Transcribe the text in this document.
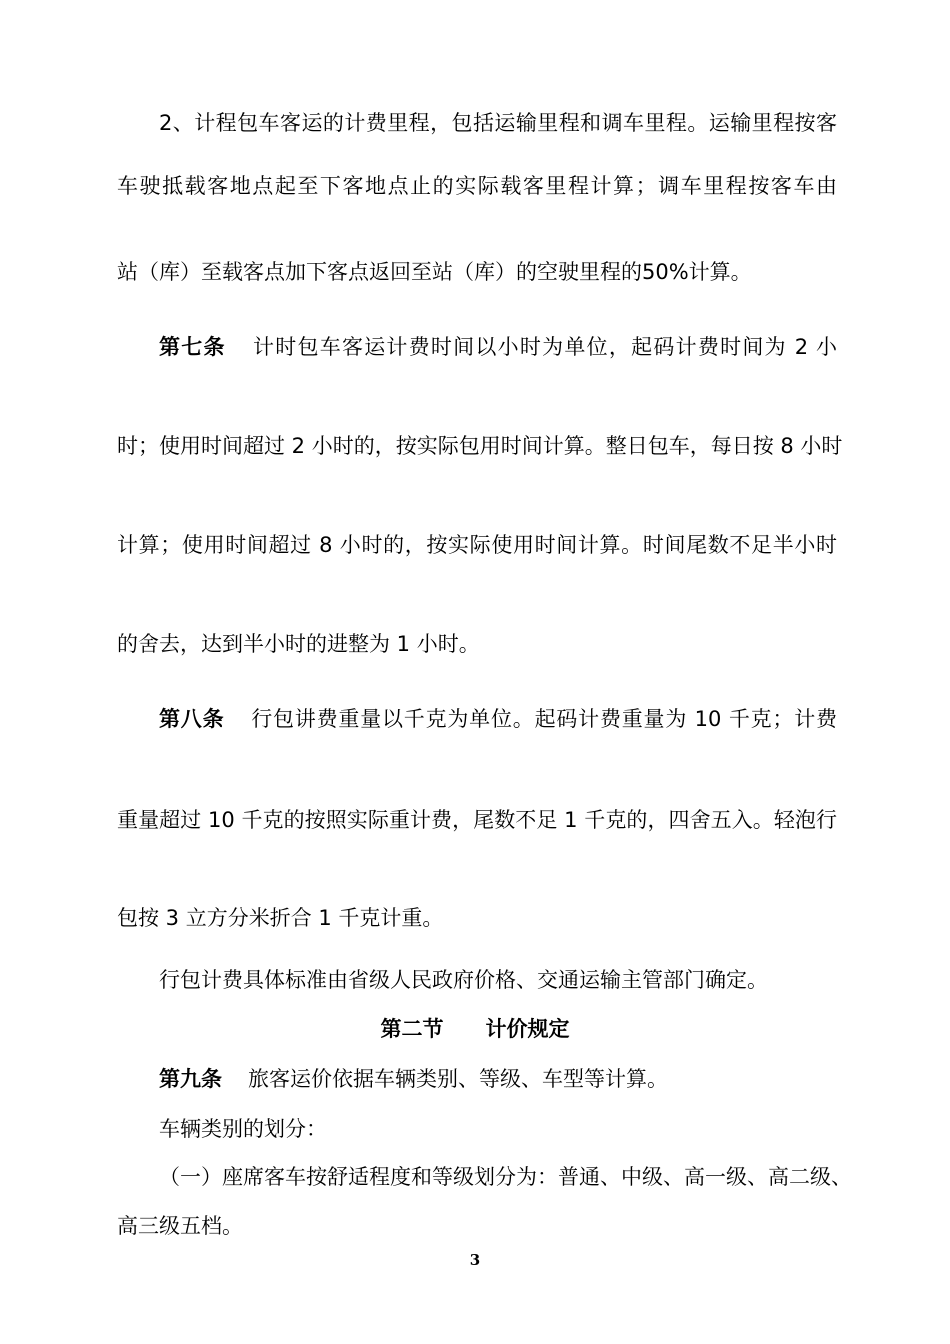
2、计程包车客运的计费里程，包括运输里程和调车里程。运输里程按客

车驶抵载客地点起至下客地点止的实际载客里程计算；调车里程按客车由

站（库）至载客点加下客点返回至站（库）的空驶里程的50%计算。

第七条 计时包车客运计费时间以小时为单位，起码计费时间为 2 小

时；使用时间超过 2 小时的，按实际包用时间计算。整日包车，每日按 8 小时

计算；使用时间超过 8 小时的，按实际使用时间计算。时间尾数不足半小时

的舍去，达到半小时的进整为 1 小时。

第八条 行包讲费重量以千克为单位。起码计费重量为 10 千克；计费

重量超过 10 千克的按照实际重计费，尾数不足 1 千克的，四舍五入。轻泡行

包按 3 立方分米折合 1 千克计重。

行包计费具体标准由省级人民政府价格、交通运输主管部门确定。

第二节　　计价规定

第九条 旅客运价依据车辆类别、等级、车型等计算。

车辆类别的划分：

（一）座席客车按舒适程度和等级划分为：普通、中级、高一级、高二级、

高三级五档。

3
